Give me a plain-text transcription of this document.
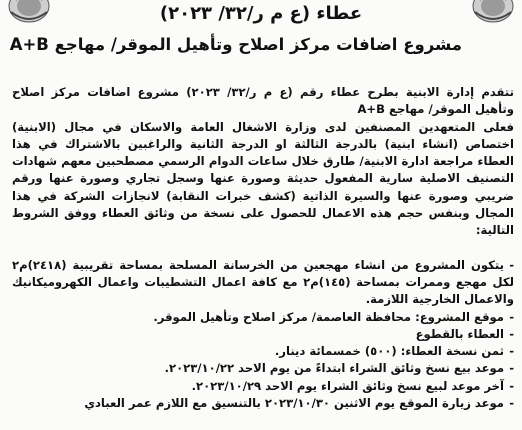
عطاء (ع م ر/٣٢/ ٢٠٢٣)
مشروع اضافات مركز اصلاح وتأهيل الموقر/ مهاجع A+B

تتقدم إدارة الابنية بطرح عطاء رقم (ع م ر/٣٢/ ٢٠٢٣) مشروع اضافات مركز اصلاح وتأهيل الموقر/ مهاجع A+B

فعلى المتعهدين المصنفين لدى وزارة الاشغال العامة والاسكان في مجال (الابنية) اختصاص (انشاء ابنية) بالدرجة الثالثة او الدرجة الثانية والراغبين بالاشتراك في هذا العطاء مراجعة ادارة الابنية/ طارق خلال ساعات الدوام الرسمي مصطحبين معهم شهادات التصنيف الاصلية سارية المفعول حديثة وصورة عنها وسجل تجاري وصورة عنها ورقم ضريبي وصورة عنها والسيرة الذاتية (كشف خبرات النقابة) لانجازات الشركة في هذا المجال وبنفس حجم هذه الاعمال للحصول على نسخة من وثائق العطاء ووفق الشروط التالية:

-يتكون المشروع من انشاء مهجعين من الخرسانة المسلحة بمساحة تقريبية (٢٤١٨)م٢ لكل مهجع وممرات بمساحة (١٤٥)م٢ مع كافة اعمال التشطيبات واعمال الكهروميكانيك والاعمال الخارجية اللازمة.
-موقع المشروع: محافظة العاصمة/ مركز اصلاح وتأهيل الموقر.
-العطاء بالقطوع
-ثمن نسخة العطاء: (٥٠٠) خمسمائة دينار.
-موعد بيع نسخ وثائق الشراء ابتداءً من يوم الاحد ٢٠٢٣/١٠/٢٢.
-آخر موعد لبيع نسخ وثائق الشراء يوم الاحد ٢٠٢٣/١٠/٢٩.
-موعد زيارة الموقع يوم الاثنين ٢٠٢٣/١٠/٣٠ بالتنسيق مع اللازم عمر العبادي
